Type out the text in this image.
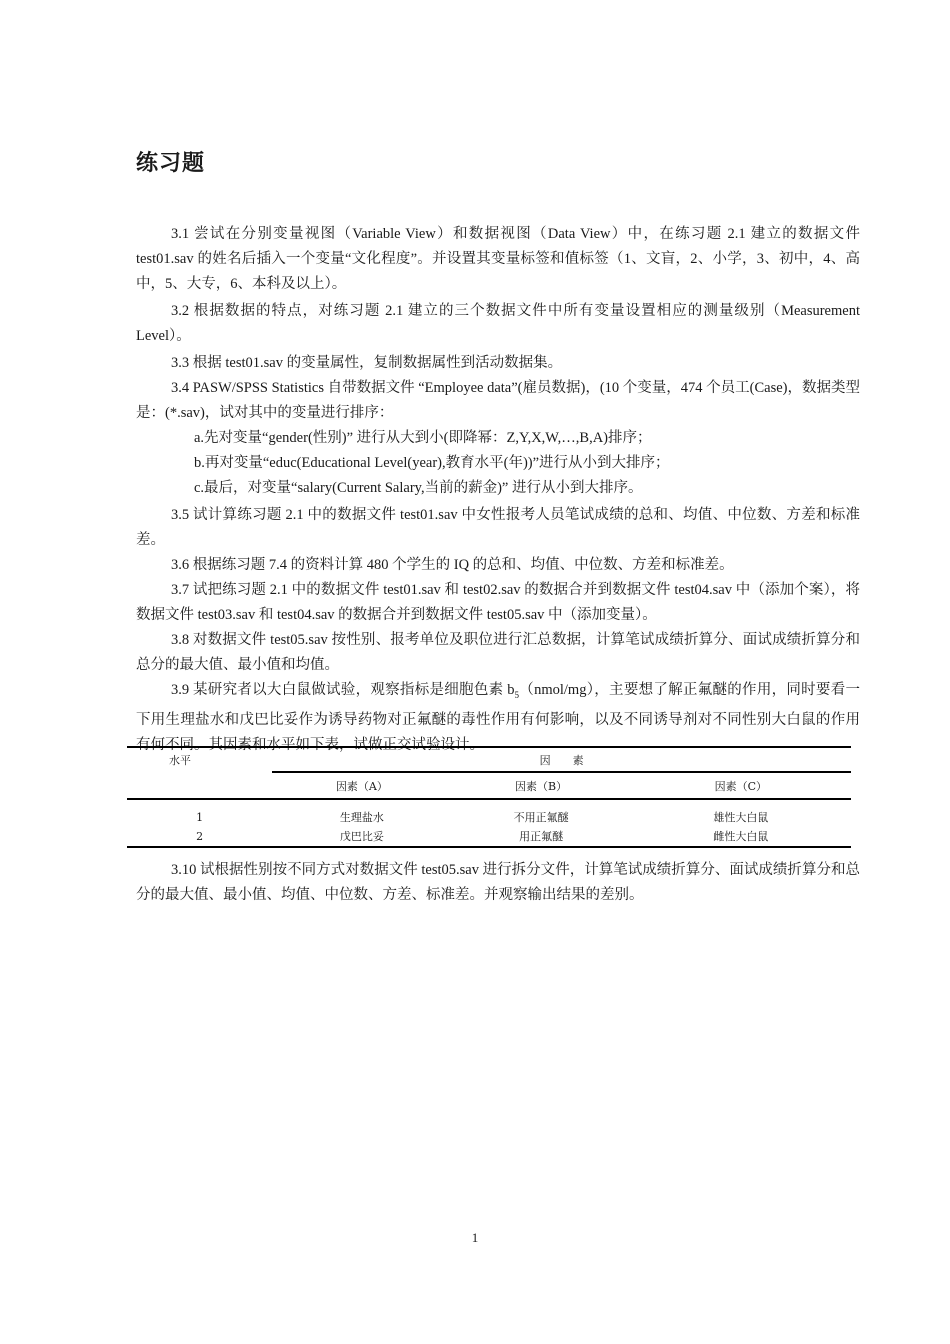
练习题

3.1 尝试在分别变量视图（Variable View）和数据视图（Data View）中，在练习题 2.1 建立的数据文件 test01.sav 的姓名后插入一个变量“文化程度”。并设置其变量标签和值标签（1、文盲，2、小学，3、初中，4、高中，5、大专，6、本科及以上）。

3.2 根据数据的特点，对练习题 2.1 建立的三个数据文件中所有变量设置相应的测量级别（Measurement Level）。

3.3 根据 test01.sav 的变量属性，复制数据属性到活动数据集。

3.4 PASW/SPSS Statistics 自带数据文件 “Employee data”(雇员数据)，(10 个变量，474 个员工(Case)，数据类型是：(*.sav)，试对其中的变量进行排序：

a.先对变量“gender(性别)” 进行从大到小(即降幂：Z,Y,X,W,…,B,A)排序；

b.再对变量“educ(Educational Level(year),教育水平(年))”进行从小到大排序；

c.最后，对变量“salary(Current Salary,当前的薪金)” 进行从小到大排序。

3.5 试计算练习题 2.1 中的数据文件 test01.sav 中女性报考人员笔试成绩的总和、均值、中位数、方差和标准差。

3.6 根据练习题 7.4 的资料计算 480 个学生的 IQ 的总和、均值、中位数、方差和标准差。

3.7 试把练习题 2.1 中的数据文件 test01.sav 和 test02.sav 的数据合并到数据文件 test04.sav 中（添加个案），将数据文件 test03.sav 和 test04.sav 的数据合并到数据文件 test05.sav 中（添加变量）。

3.8 对数据文件 test05.sav 按性别、报考单位及职位进行汇总数据，计算笔试成绩折算分、面试成绩折算分和总分的最大值、最小值和均值。

3.9 某研究者以大白鼠做试验，观察指标是细胞色素 $b_5(nmol/mg)$，主要想了解正氟醚的作用，同时要看一下用生理盐水和戊巴比妥作为诱导药物对正氟醚的毒性作用有何影响，以及不同诱导剂对不同性别大白鼠的作用有何不同。其因素和水平如下表，试做正交试验设计。

水平	因　　素		
	因素（A）	因素（B）	因素（C）
1	生理盐水	不用正氟醚	雄性大白鼠
2	戊巴比妥	用正氟醚	雌性大白鼠

3.10 试根据性别按不同方式对数据文件 test05.sav 进行拆分文件，计算笔试成绩折算分、面试成绩折算分和总分的最大值、最小值、均值、中位数、方差、标准差。并观察输出结果的差别。

1
